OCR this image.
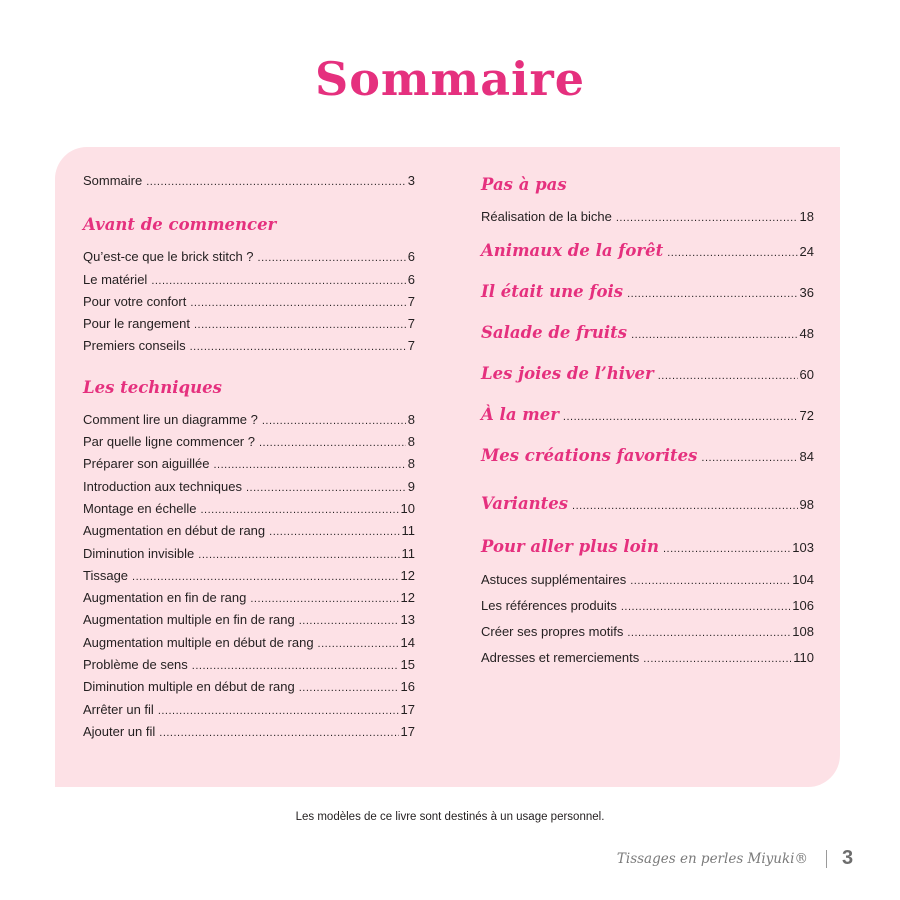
Sommaire
Sommaire .....	3
Avant de commencer
Qu’est-ce que le brick stitch ? .....	6
Le matériel .....	6
Pour votre confort .....	7
Pour le rangement .....	7
Premiers conseils .....	7
Les techniques
Comment lire un diagramme ? .....	8
Par quelle ligne commencer ? .....	8
Préparer son aiguillée .....	8
Introduction aux techniques .....	9
Montage en échelle .....	10
Augmentation en début de rang .....	11
Diminution invisible .....	11
Tissage .....	12
Augmentation en fin de rang .....	12
Augmentation multiple en fin de rang .....	13
Augmentation multiple en début de rang .....	14
Problème de sens .....	15
Diminution multiple en début de rang .....	16
Arrêter un fil .....	17
Ajouter un fil .....	17
Pas à pas
Réalisation de la biche .....	18
Animaux de la forêt .....	24
Il était une fois .....	36
Salade de fruits .....	48
Les joies de l’hiver .....	60
À la mer .....	72
Mes créations favorites .....	84
Variantes .....	98
Pour aller plus loin .....	103
Astuces supplémentaires .....	104
Les références produits .....	106
Créer ses propres motifs .....	108
Adresses et remerciements .....	110
Les modèles de ce livre sont destinés à un usage personnel.
Tissages en perles Miyuki® 3
